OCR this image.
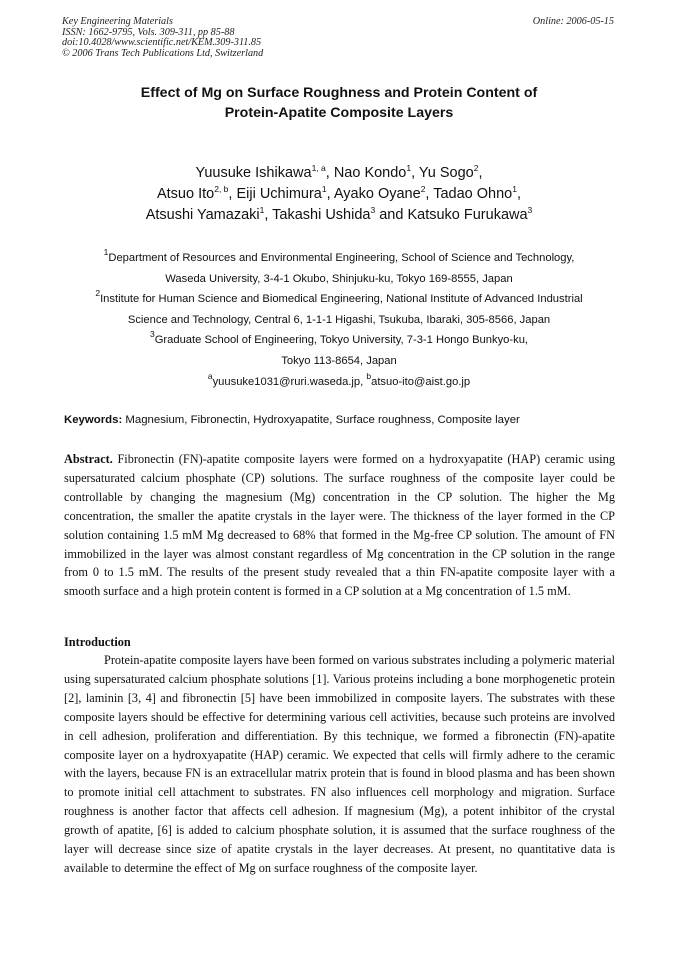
Key Engineering Materials
ISSN: 1662-9795, Vols. 309-311, pp 85-88
doi:10.4028/www.scientific.net/KEM.309-311.85
© 2006 Trans Tech Publications Ltd, Switzerland
Online: 2006-05-15
Effect of Mg on Surface Roughness and Protein Content of
Protein-Apatite Composite Layers
Yuusuke Ishikawa$^{1, a}$, Nao Kondo$^1$, Yu Sogo$^2$,
Atsuo Ito$^{2, b}$, Eiji Uchimura$^1$, Ayako Oyane$^2$, Tadao Ohno$^1$,
Atsushi Yamazaki$^1$, Takashi Ushida$^3$ and Katsuko Furukawa$^3$
$^1$Department of Resources and Environmental Engineering, School of Science and Technology,
Waseda University, 3-4-1 Okubo, Shinjuku-ku, Tokyo 169-8555, Japan
$^2$Institute for Human Science and Biomedical Engineering, National Institute of Advanced Industrial
Science and Technology, Central 6, 1-1-1 Higashi, Tsukuba, Ibaraki, 305-8566, Japan
$^3$Graduate School of Engineering, Tokyo University, 7-3-1 Hongo Bunkyo-ku,
Tokyo 113-8654, Japan
$^a$yuusuke1031@ruri.waseda.jp, $^b$atsuo-ito@aist.go.jp
Keywords: Magnesium, Fibronectin, Hydroxyapatite, Surface roughness, Composite layer
Abstract. Fibronectin (FN)-apatite composite layers were formed on a hydroxyapatite (HAP) ceramic using supersaturated calcium phosphate (CP) solutions. The surface roughness of the composite layer could be controllable by changing the magnesium (Mg) concentration in the CP solution. The higher the Mg concentration, the smaller the apatite crystals in the layer were. The thickness of the layer formed in the CP solution containing 1.5 mM Mg decreased to 68% that formed in the Mg-free CP solution. The amount of FN immobilized in the layer was almost constant regardless of Mg concentration in the CP solution in the range from 0 to 1.5 mM. The results of the present study revealed that a thin FN-apatite composite layer with a smooth surface and a high protein content is formed in a CP solution at a Mg concentration of 1.5 mM.
Introduction
Protein-apatite composite layers have been formed on various substrates including a polymeric material using supersaturated calcium phosphate solutions [1]. Various proteins including a bone morphogenetic protein [2], laminin [3, 4] and fibronectin [5] have been immobilized in composite layers. The substrates with these composite layers should be effective for determining various cell activities, because such proteins are involved in cell adhesion, proliferation and differentiation. By this technique, we formed a fibronectin (FN)-apatite composite layer on a hydroxyapatite (HAP) ceramic. We expected that cells will firmly adhere to the ceramic with the layers, because FN is an extracellular matrix protein that is found in blood plasma and has been shown to promote initial cell attachment to substrates. FN also influences cell morphology and migration. Surface roughness is another factor that affects cell adhesion. If magnesium (Mg), a potent inhibitor of the crystal growth of apatite, [6] is added to calcium phosphate solution, it is assumed that the surface roughness of the layer will decrease since size of apatite crystals in the layer decreases. At present, no quantitative data is available to determine the effect of Mg on surface roughness of the composite layer.
